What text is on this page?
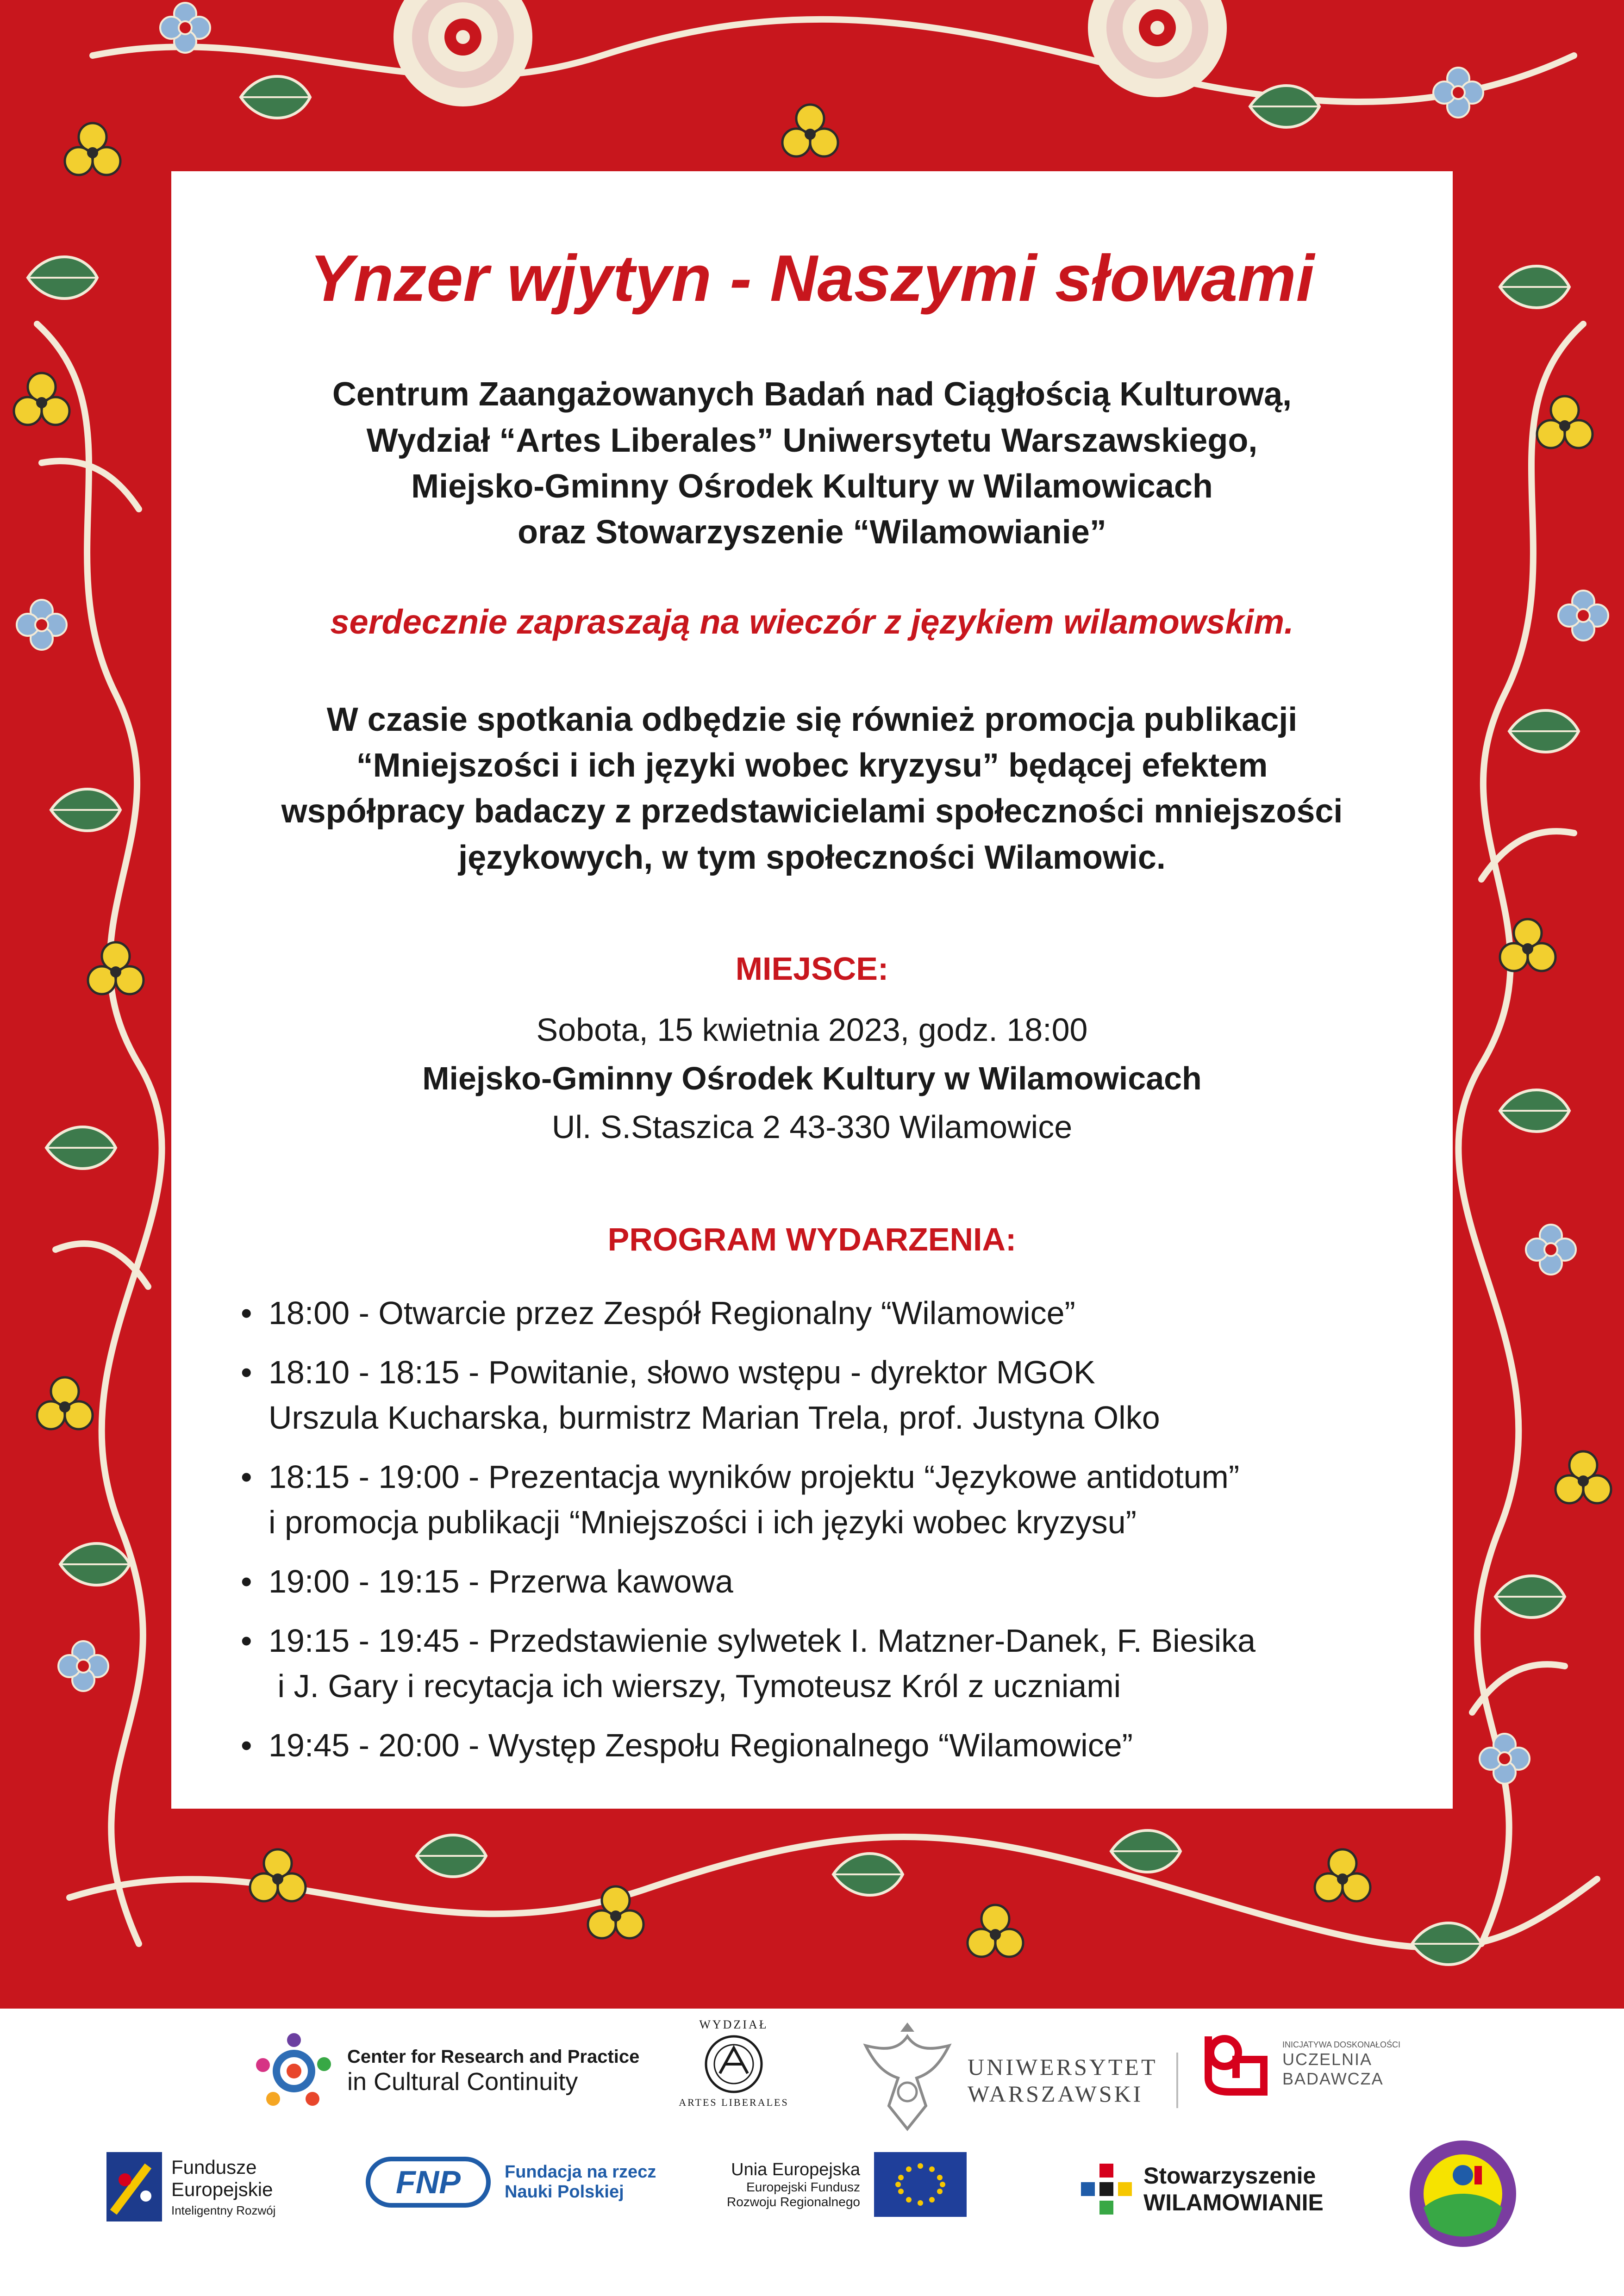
Ynzer wjytyn - Naszymi słowami
Centrum Zaangażowanych Badań nad Ciągłością Kulturową,
Wydział “Artes Liberales” Uniwersytetu Warszawskiego,
Miejsko-Gminny Ośrodek Kultury w Wilamowicach
oraz Stowarzyszenie “Wilamowianie”
serdecznie zapraszają na wieczór z językiem wilamowskim.
W czasie spotkania odbędzie się również promocja publikacji
“Mniejszości i ich języki wobec kryzysu” będącej efektem
współpracy badaczy z przedstawicielami społeczności mniejszości
językowych, w tym społeczności Wilamowic.
MIEJSCE:
Sobota, 15 kwietnia 2023, godz. 18:00
Miejsko-Gminny Ośrodek Kultury w Wilamowicach
Ul. S.Staszica 2 43-330 Wilamowice
PROGRAM WYDARZENIA:
• 18:00 - Otwarcie przez Zespół Regionalny “Wilamowice”
• 18:10 - 18:15 - Powitanie, słowo wstępu - dyrektor MGOK
Urszula Kucharska, burmistrz Marian Trela, prof. Justyna Olko
• 18:15 - 19:00 - Prezentacja wyników projektu “Językowe antidotum”
i promocja publikacji “Mniejszości i ich języki wobec kryzysu”
• 19:00 - 19:15 - Przerwa kawowa
• 19:15 - 19:45 - Przedstawienie sylwetek I. Matzner-Danek, F. Biesika
i J. Gary i recytacja ich wierszy, Tymoteusz Król z uczniami
• 19:45 - 20:00 - Występ Zespołu Regionalnego “Wilamowice”
Center for Research and Practice
in Cultural Continuity
WYDZIAŁ
ARTES LIBERALES
UNIWERSYTET
WARSZAWSKI
INICJATYWA DOSKONAŁOŚCI
UCZELNIA
BADAWCZA
Fundusze
Europejskie
Inteligentny Rozwój
FNP	Fundacja na rzecz
Nauki Polskiej
Unia Europejska
Europejski Fundusz
Rozwoju Regionalnego
Stowarzyszenie
WILAMOWIANIE
